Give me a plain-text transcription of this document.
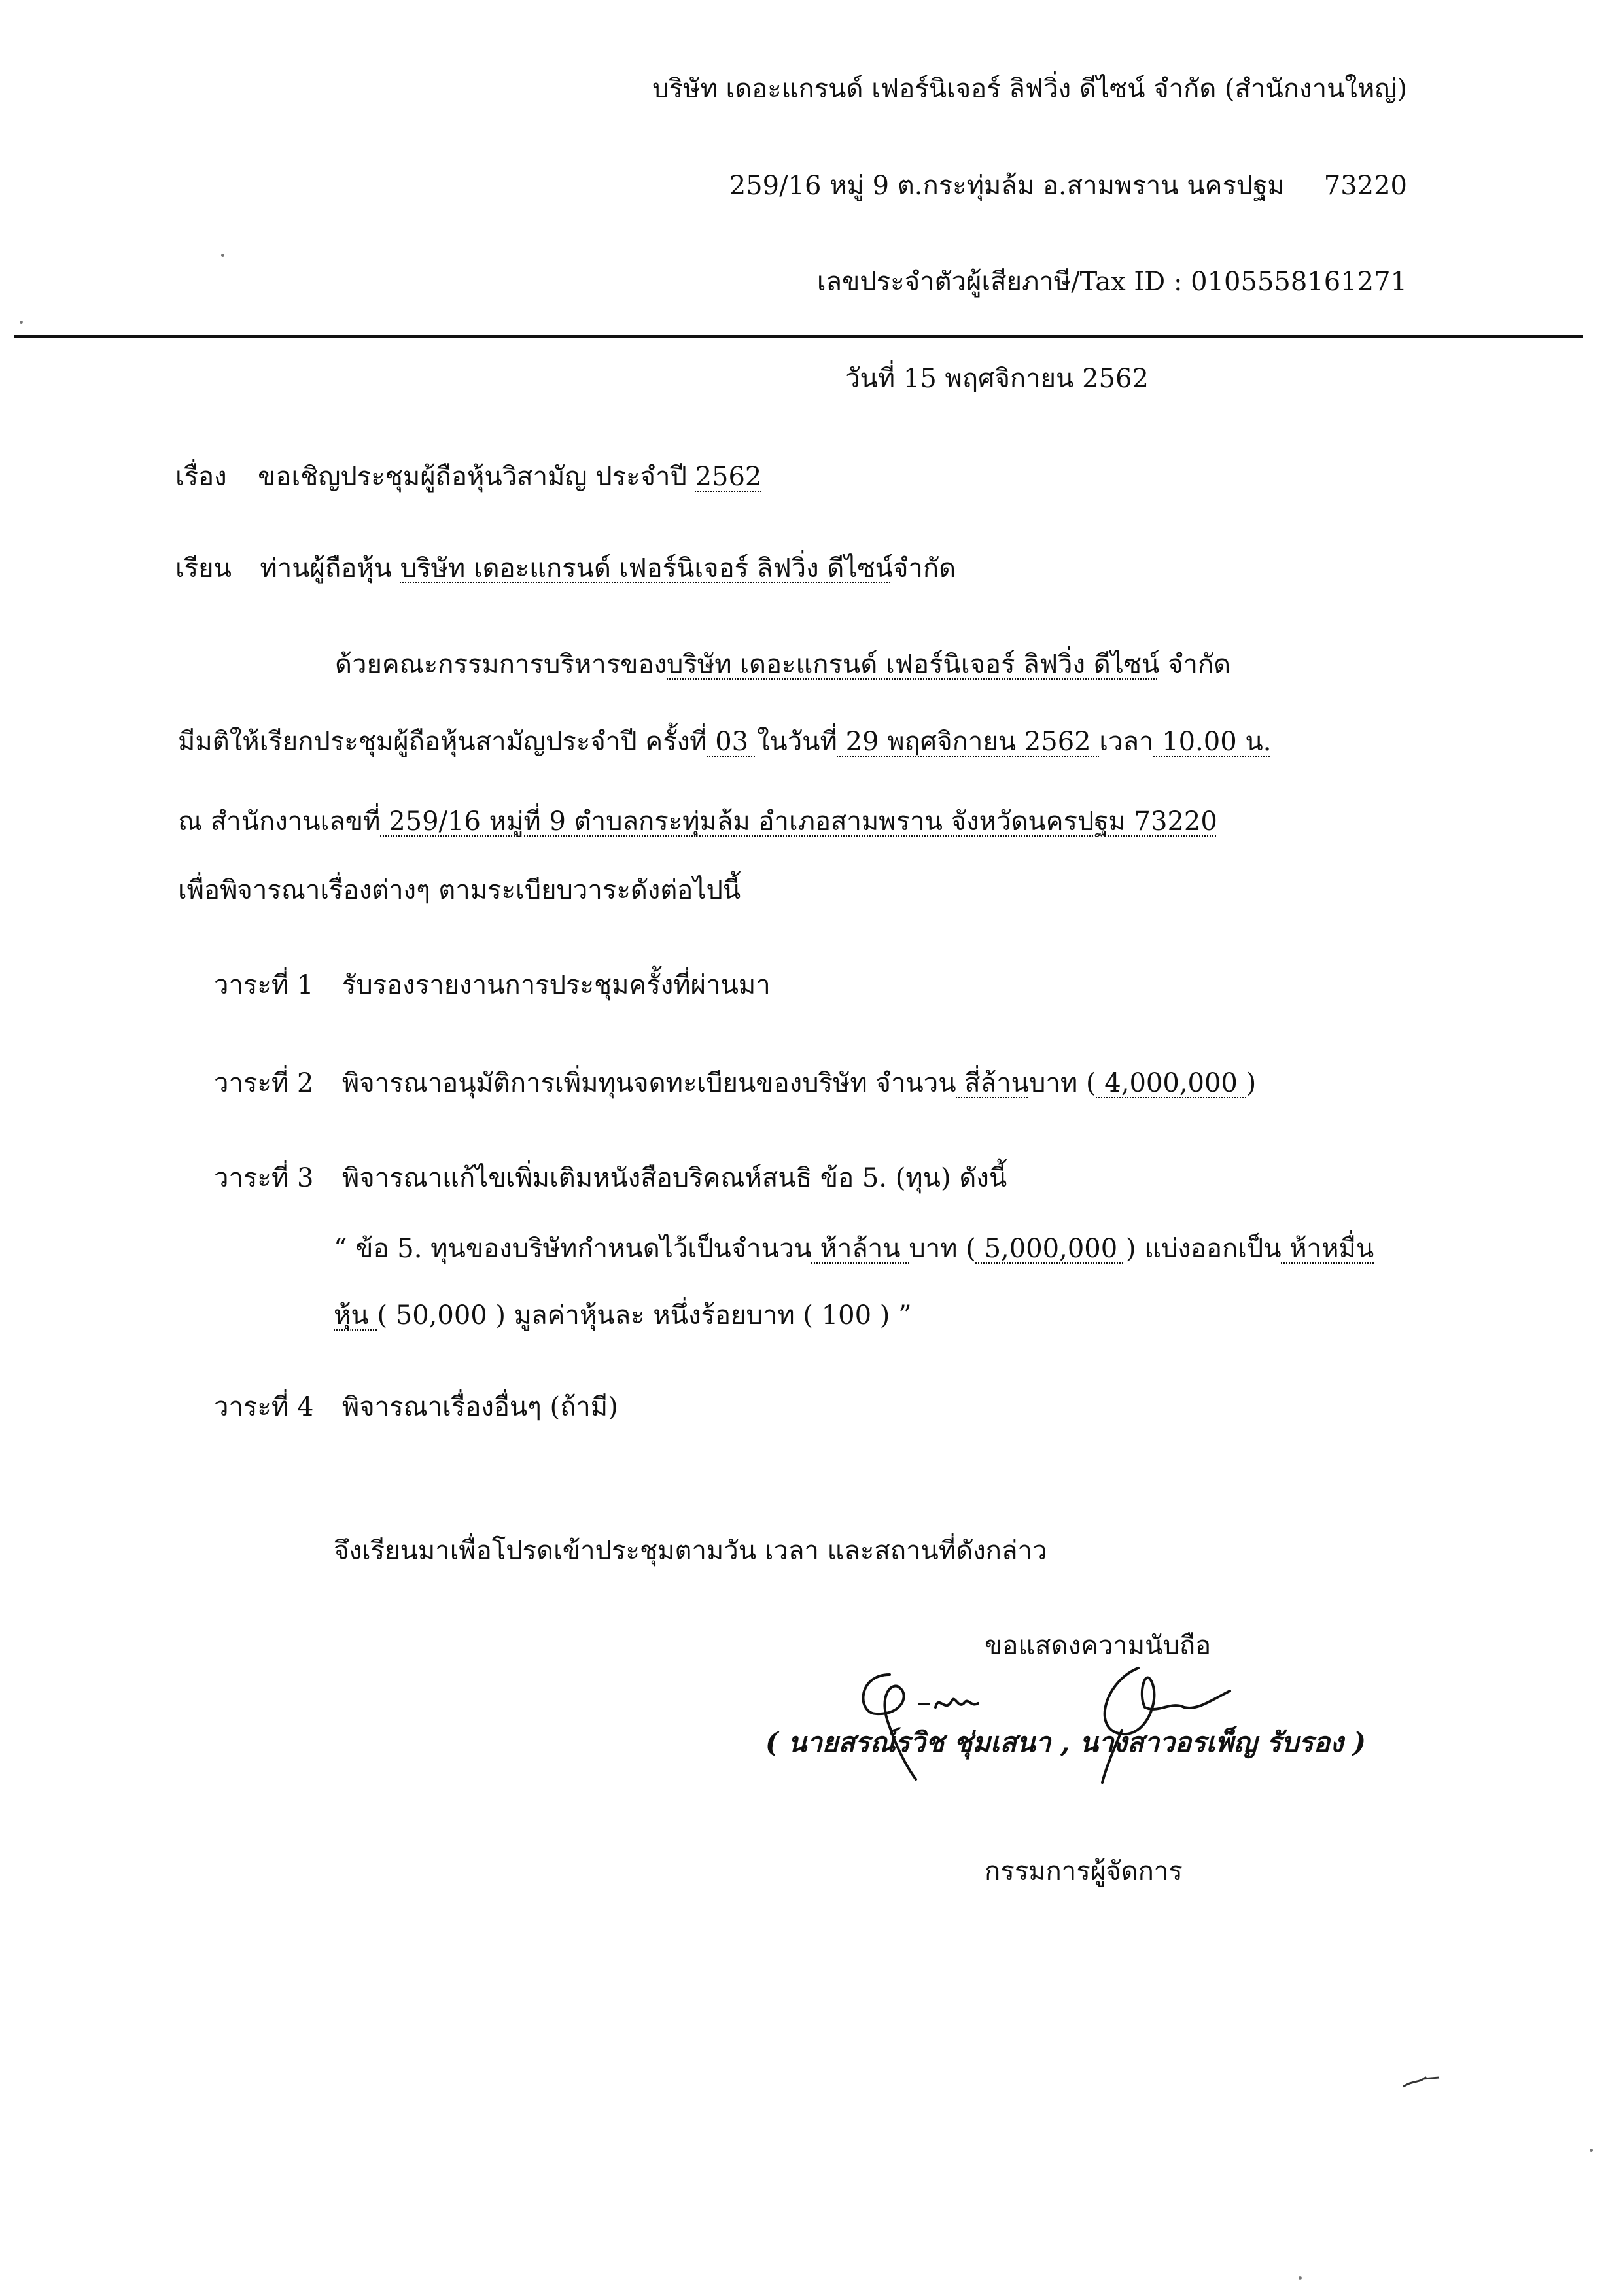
บริษัท เดอะแกรนด์ เฟอร์นิเจอร์ ลิฟวิ่ง ดีไซน์ จำกัด (สำนักงานใหญ่)
259/16 หมู่ 9 ต.กระทุ่มล้ม อ.สามพราน นครปฐม 73220
เลขประจำตัวผู้เสียภาษี/Tax ID : 0105558161271
วันที่ 15 พฤศจิกายน 2562
เรื่อง ขอเชิญประชุมผู้ถือหุ้นวิสามัญ ประจำปี 2562
เรียน ท่านผู้ถือหุ้น บริษัท เดอะแกรนด์ เฟอร์นิเจอร์ ลิฟวิ่ง ดีไซน์จำกัด
ด้วยคณะกรรมการบริหารของบริษัท เดอะแกรนด์ เฟอร์นิเจอร์ ลิฟวิ่ง ดีไซน์ จำกัด
มีมติให้เรียกประชุมผู้ถือหุ้นสามัญประจำปี ครั้งที่ 03 ในวันที่ 29 พฤศจิกายน 2562 เวลา 10.00 น.
ณ สำนักงานเลขที่ 259/16 หมู่ที่ 9 ตำบลกระทุ่มล้ม อำเภอสามพราน จังหวัดนครปฐม 73220
เพื่อพิจารณาเรื่องต่างๆ ตามระเบียบวาระดังต่อไปนี้
วาระที่ 1 รับรองรายงานการประชุมครั้งที่ผ่านมา
วาระที่ 2 พิจารณาอนุมัติการเพิ่มทุนจดทะเบียนของบริษัท จำนวน สี่ล้านบาท ( 4,000,000 )
วาระที่ 3 พิจารณาแก้ไขเพิ่มเติมหนังสือบริคณห์สนธิ ข้อ 5. (ทุน) ดังนี้
“ ข้อ 5. ทุนของบริษัทกำหนดไว้เป็นจำนวน ห้าล้าน บาท ( 5,000,000 ) แบ่งออกเป็น ห้าหมื่น
หุ้น ( 50,000 ) มูลค่าหุ้นละ หนึ่งร้อยบาท ( 100 ) ”
วาระที่ 4 พิจารณาเรื่องอื่นๆ (ถ้ามี)
จึงเรียนมาเพื่อโปรดเข้าประชุมตามวัน เวลา และสถานที่ดังกล่าว
ขอแสดงความนับถือ
( นายสรณ์รวิช ชุ่มเสนา , นางสาวอรเพ็ญ รับรอง )
กรรมการผู้จัดการ
